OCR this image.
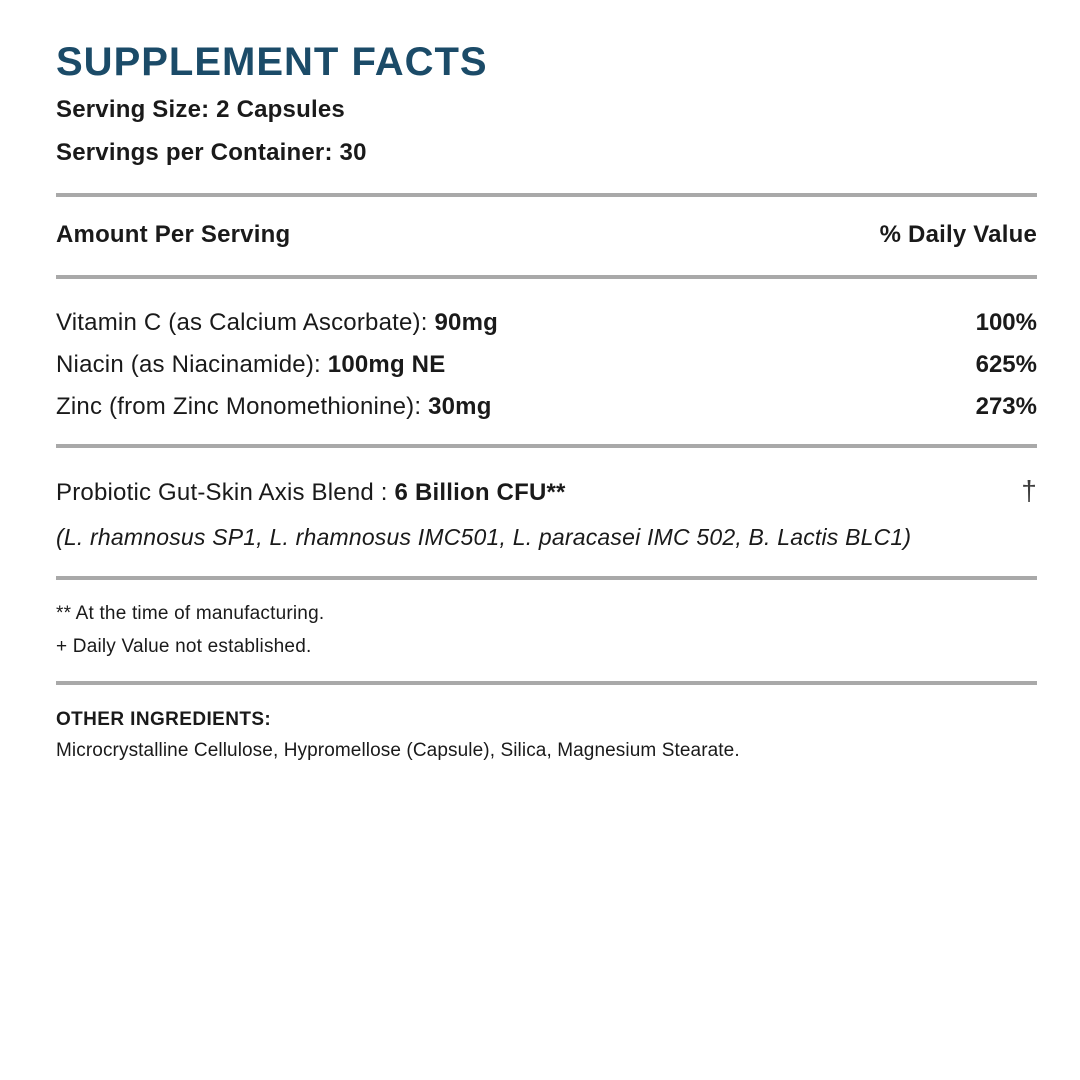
SUPPLEMENT FACTS
Serving Size: 2 Capsules
Servings per Container: 30
Amount Per Serving	% Daily Value
Vitamin C (as Calcium Ascorbate): 90mg	100%
Niacin (as Niacinamide): 100mg NE	625%
Zinc (from Zinc Monomethionine): 30mg	273%
Probiotic Gut-Skin Axis Blend : 6 Billion CFU**	†
(L. rhamnosus SP1, L. rhamnosus IMC501, L. paracasei IMC 502, B. Lactis BLC1)
** At the time of manufacturing.
+ Daily Value not established.
OTHER INGREDIENTS:
Microcrystalline Cellulose, Hypromellose (Capsule), Silica, Magnesium Stearate.
